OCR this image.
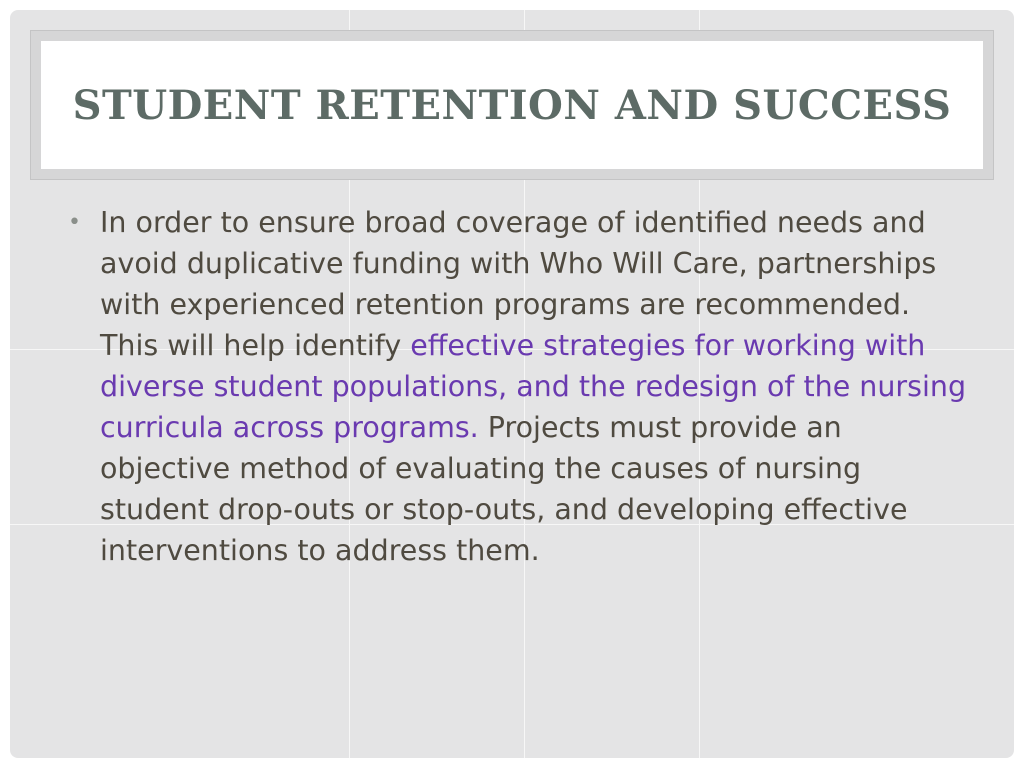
STUDENT RETENTION AND SUCCESS
• In order to ensure broad coverage of identified needs and avoid duplicative funding with Who Will Care, partnerships with experienced retention programs are recommended. This will help identify effective strategies for working with diverse student populations, and the redesign of the nursing curricula across programs. Projects must provide an objective method of evaluating the causes of nursing student drop-outs or stop-outs, and developing effective interventions to address them.
